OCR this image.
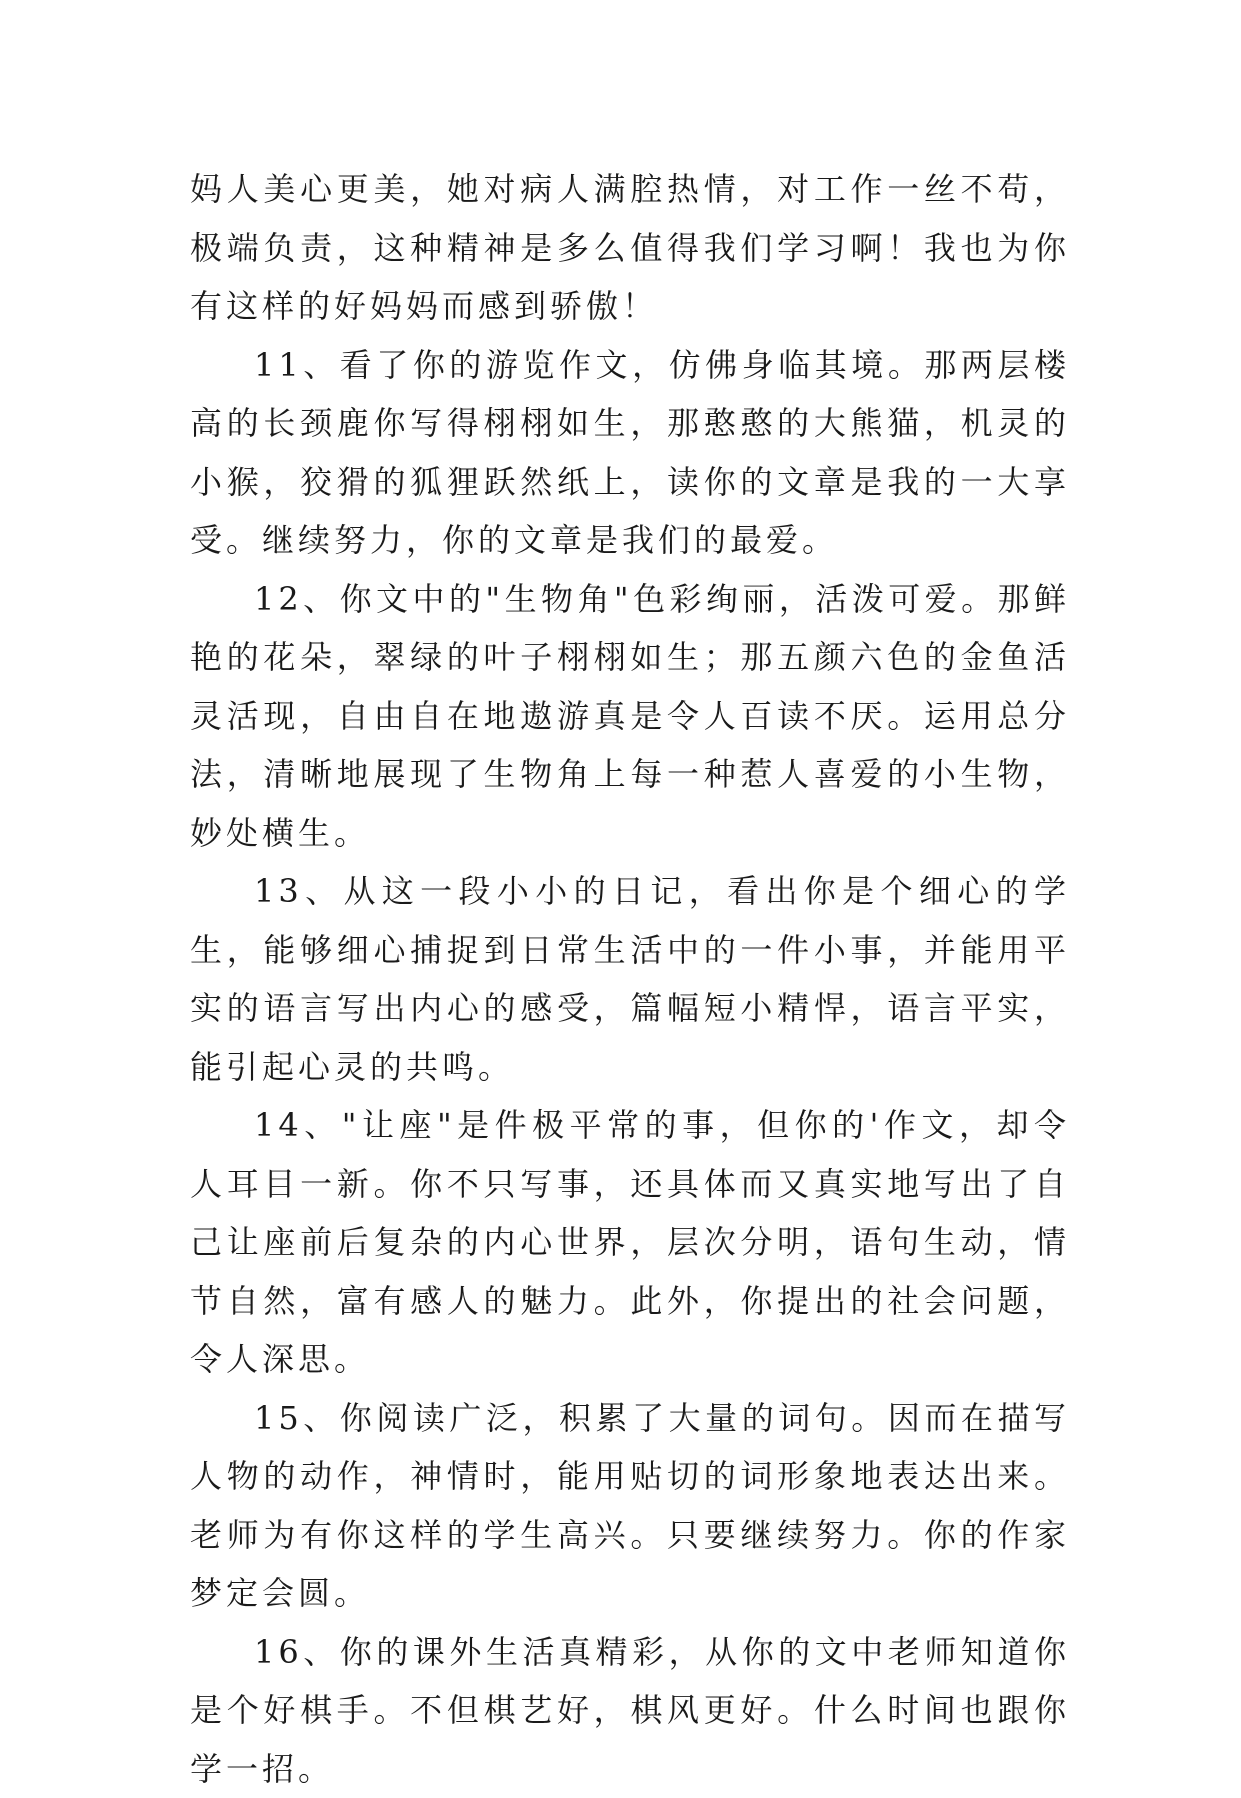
妈人美心更美，她对病人满腔热情，对工作一丝不苟，极端负责，这种精神是多么值得我们学习啊！我也为你有这样的好妈妈而感到骄傲！

11、看了你的游览作文，仿佛身临其境。那两层楼高的长颈鹿你写得栩栩如生，那憨憨的大熊猫，机灵的小猴，狡猾的狐狸跃然纸上，读你的文章是我的一大享受。继续努力，你的文章是我们的最爱。

12、你文中的"生物角"色彩绚丽，活泼可爱。那鲜艳的花朵，翠绿的叶子栩栩如生；那五颜六色的金鱼活灵活现，自由自在地遨游真是令人百读不厌。运用总分法，清晰地展现了生物角上每一种惹人喜爱的小生物，妙处横生。

13、从这一段小小的日记，看出你是个细心的学生，能够细心捕捉到日常生活中的一件小事，并能用平实的语言写出内心的感受，篇幅短小精悍，语言平实，能引起心灵的共鸣。

14、"让座"是件极平常的事，但你的'作文，却令人耳目一新。你不只写事，还具体而又真实地写出了自己让座前后复杂的内心世界，层次分明，语句生动，情节自然，富有感人的魅力。此外，你提出的社会问题，令人深思。

15、你阅读广泛，积累了大量的词句。因而在描写人物的动作，神情时，能用贴切的词形象地表达出来。老师为有你这样的学生高兴。只要继续努力。你的作家梦定会圆。

16、你的课外生活真精彩，从你的文中老师知道你是个好棋手。不但棋艺好，棋风更好。什么时间也跟你学一招。
